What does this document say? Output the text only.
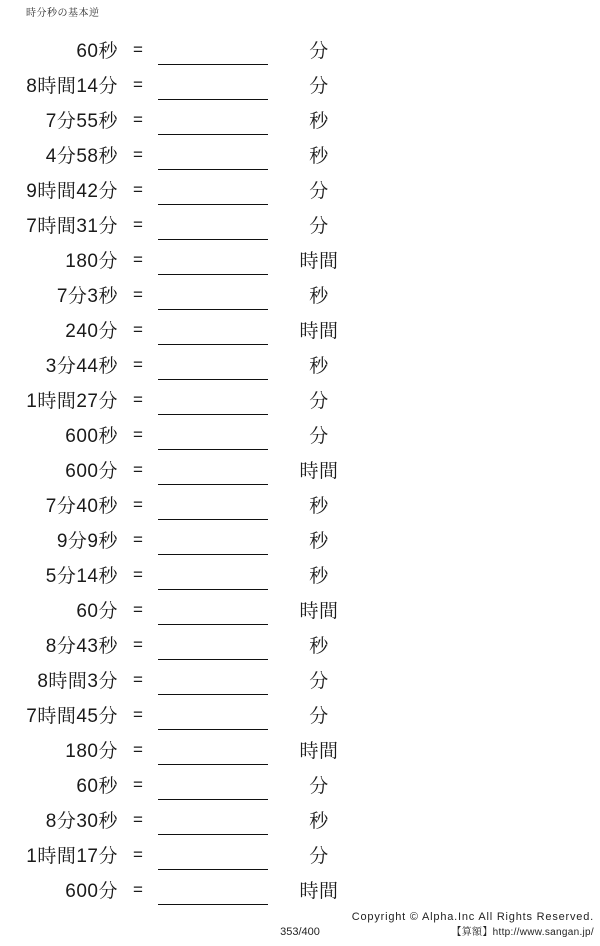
時分秒の基本逆
60秒 =	分
8時間14分 =	分
7分55秒 =	秒
4分58秒 =	秒
9時間42分 =	分
7時間31分 =	分
180分 =	時間
7分3秒 =	秒
240分 =	時間
3分44秒 =	秒
1時間27分 =	分
600秒 =	分
600分 =	時間
7分40秒 =	秒
9分9秒 =	秒
5分14秒 =	秒
60分 =	時間
8分43秒 =	秒
8時間3分 =	分
7時間45分 =	分
180分 =	時間
60秒 =	分
8分30秒 =	秒
1時間17分 =	分
600分 =	時間
353/400
Copyright © Alpha.Inc All Rights Reserved.
【算額】http://www.sangan.jp/
